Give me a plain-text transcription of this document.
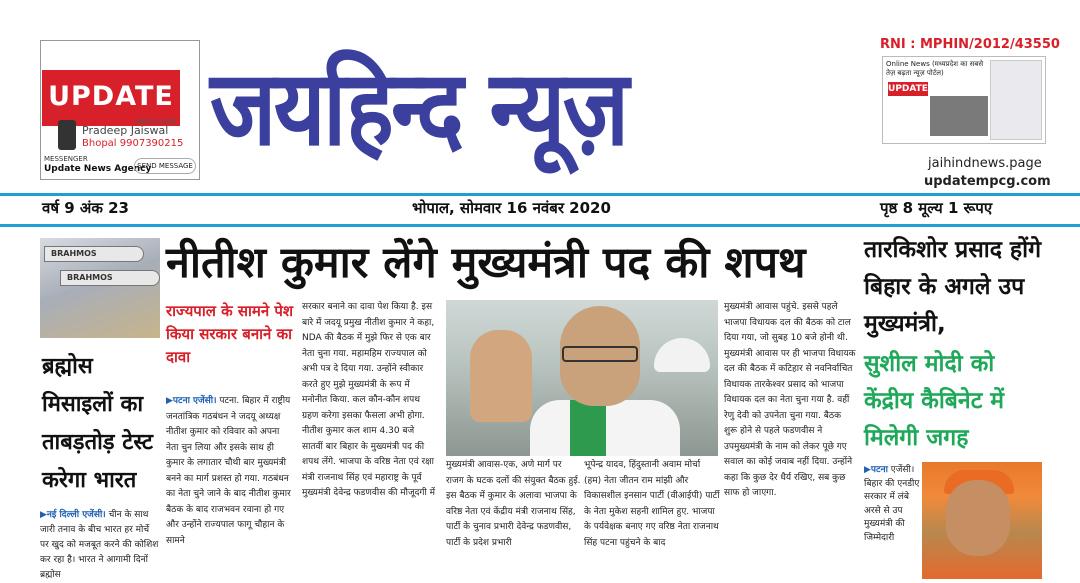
UPDATE
MPCG.COM
Pradeep Jaiswal
Bhopal 9907390215
MESSENGER
Update News Agency
SEND MESSAGE जयहिन्द न्यूज़
RNI : MPHIN/2012/43550
Online News (मध्यप्रदेश का सबसे तेज़ बढ़ता न्यूज़ पोर्टल)
UPDATE
jaihindnews.page
updatempcg.com
वर्ष 9 अंक 23	भोपाल, सोमवार 16 नवंबर 2020	पृष्ठ 8 मूल्य 1 रूपए
BRAHMOS
BRAHMOS
ब्रह्मोस मिसाइलों का ताबड़तोड़ टेस्ट करेगा भारत
▶नई दिल्ली एजेंसी। चीन के साथ जारी तनाव के बीच भारत हर मोर्चे पर खुद को मजबूत करने की कोशिश कर रहा है। भारत ने आगामी दिनों ब्रह्मोस
नीतीश कुमार लेंगे मुख्यमंत्री पद की शपथ
राज्यपाल के सामने पेश किया सरकार बनाने का दावा
▶पटना एजेंसी। पटना. बिहार में राष्ट्रीय जनतांत्रिक गठबंधन ने जदयू अध्यक्ष नीतीश कुमार को रविवार को अपना नेता चुन लिया और इसके साथ ही कुमार के लगातार चौथी बार मुख्यमंत्री बनने का मार्ग प्रशस्त हो गया. गठबंधन का नेता चुने जाने के बाद नीतीश कुमार बैठक के बाद राजभवन रवाना हो गए और उन्होंने राज्यपाल फागू चौहान के सामने
सरकार बनाने का दावा पेश किया है. इस बारे में जदयू प्रमुख नीतीश कुमार ने कहा, NDA की बैठक में मुझे फिर से एक बार नेता चुना गया. महामहिम राज्यपाल को अभी पत्र दे दिया गया. उन्होंने स्वीकार करते हुए मुझे मुख्यमंत्री के रूप में मनोनीत किया. कल कौन-कौन शपथ ग्रहण करेगा इसका फैसला अभी होगा. नीतीश कुमार कल शाम 4.30 बजे सातवीं बार बिहार के मुख्यमंत्री पद की शपथ लेंगे. भाजपा के वरिष्ठ नेता एवं रक्षा मंत्री राजनाथ सिंह एवं महाराष्ट्र के पूर्व मुख्यमंत्री देवेन्द्र फडणवीस की मौजूदगी में
मुख्यमंत्री आवास-एक, अणे मार्ग पर राजग के घटक दलों की संयुक्त बैठक हुई. इस बैठक में कुमार के अलावा भाजपा के वरिष्ठ नेता एवं केंद्रीय मंत्री राजनाथ सिंह, पार्टी के चुनाव प्रभारी देवेन्द्र फडणवीस, पार्टी के प्रदेश प्रभारी
भूपेन्द्र यादव, हिंदुस्तानी अवाम मोर्चा (हम) नेता जीतन राम मांझी और विकासशील इनसान पार्टी (वीआईपी) पार्टी के नेता मुकेश सहनी शामिल हुए. भाजपा के पर्यवेक्षक बनाए गए वरिष्ठ नेता राजनाथ सिंह पटना पहुंचने के बाद
मुख्यमंत्री आवास पहुंचे. इससे पहले भाजपा विधायक दल की बैठक को टाल दिया गया, जो सुबह 10 बजे होनी थी. मुख्यमंत्री आवास पर ही भाजपा विधायक दल की बैठक में कटिहार से नवनिर्वाचित विधायक तारकेश्वर प्रसाद को भाजपा विधायक दल का नेता चुना गया है. वहीं रेणु देवी को उपनेता चुना गया. बैठक शुरू होने से पहले फडणवीस ने उपमुख्यमंत्री के नाम को लेकर पूछे गए सवाल का कोई जवाब नहीं दिया. उन्होंने कहा कि कुछ देर धैर्य रखिए, सब कुछ साफ हो जाएगा.
तारकिशोर प्रसाद होंगे बिहार के अगले उप मुख्यमंत्री,
सुशील मोदी को केंद्रीय कैबिनेट में मिलेगी जगह
▶पटना एजेंसी।बिहार की एनडीए सरकार में लंबे अरसे से उप मुख्यमंत्री की जिम्मेदारी
